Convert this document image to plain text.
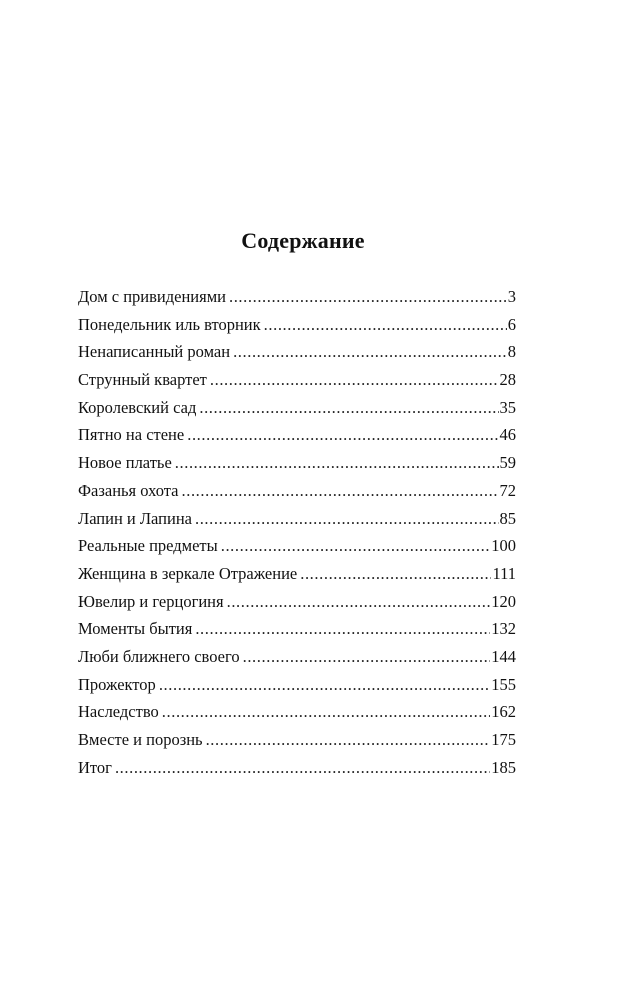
Содержание
Дом с привидениями .....	3
Понедельник иль вторник .....	6
Ненаписанный роман .....	8
Струнный квартет .....	28
Королевский сад .....	35
Пятно на стене .....	46
Новое платье .....	59
Фазанья охота .....	72
Лапин и Лапина .....	85
Реальные предметы .....	100
Женщина в зеркале Отражение .....	111
Ювелир и герцогиня .....	120
Моменты бытия .....	132
Люби ближнего своего .....	144
Прожектор .....	155
Наследство .....	162
Вместе и порознь .....	175
Итог .....	185
